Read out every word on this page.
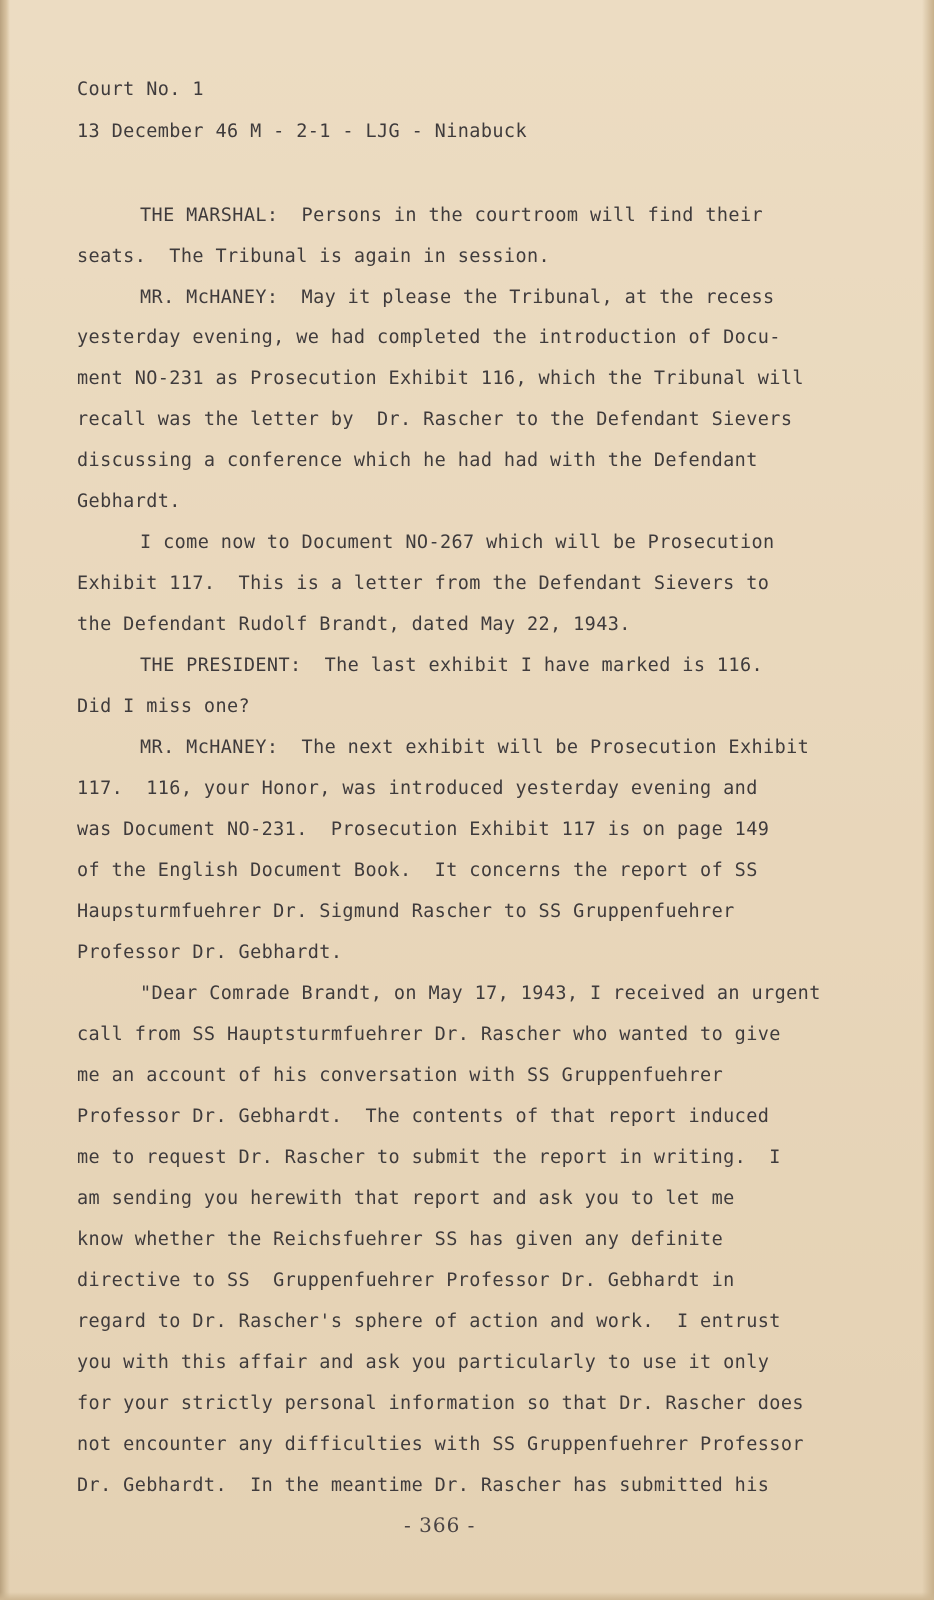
Court No. 1

13 December 46 M - 2-1 - LJG - Ninabuck

THE MARSHAL:  Persons in the courtroom will find their

seats.  The Tribunal is again in session.

MR. McHANEY:  May it please the Tribunal, at the recess

yesterday evening, we had completed the introduction of Docu-

ment NO-231 as Prosecution Exhibit 116, which the Tribunal will

recall was the letter by  Dr. Rascher to the Defendant Sievers

discussing a conference which he had had with the Defendant

Gebhardt.

I come now to Document NO-267 which will be Prosecution

Exhibit 117.  This is a letter from the Defendant Sievers to

the Defendant Rudolf Brandt, dated May 22, 1943.

THE PRESIDENT:  The last exhibit I have marked is 116.

Did I miss one?

MR. McHANEY:  The next exhibit will be Prosecution Exhibit

117.  116, your Honor, was introduced yesterday evening and

was Document NO-231.  Prosecution Exhibit 117 is on page 149

of the English Document Book.  It concerns the report of SS

Haupsturmfuehrer Dr. Sigmund Rascher to SS Gruppenfuehrer

Professor Dr. Gebhardt.

"Dear Comrade Brandt, on May 17, 1943, I received an urgent

call from SS Hauptsturmfuehrer Dr. Rascher who wanted to give

me an account of his conversation with SS Gruppenfuehrer

Professor Dr. Gebhardt.  The contents of that report induced

me to request Dr. Rascher to submit the report in writing.  I

am sending you herewith that report and ask you to let me

know whether the Reichsfuehrer SS has given any definite

directive to SS  Gruppenfuehrer Professor Dr. Gebhardt in

regard to Dr. Rascher's sphere of action and work.  I entrust

you with this affair and ask you particularly to use it only

for your strictly personal information so that Dr. Rascher does

not encounter any difficulties with SS Gruppenfuehrer Professor

Dr. Gebhardt.  In the meantime Dr. Rascher has submitted his

- 366 -
